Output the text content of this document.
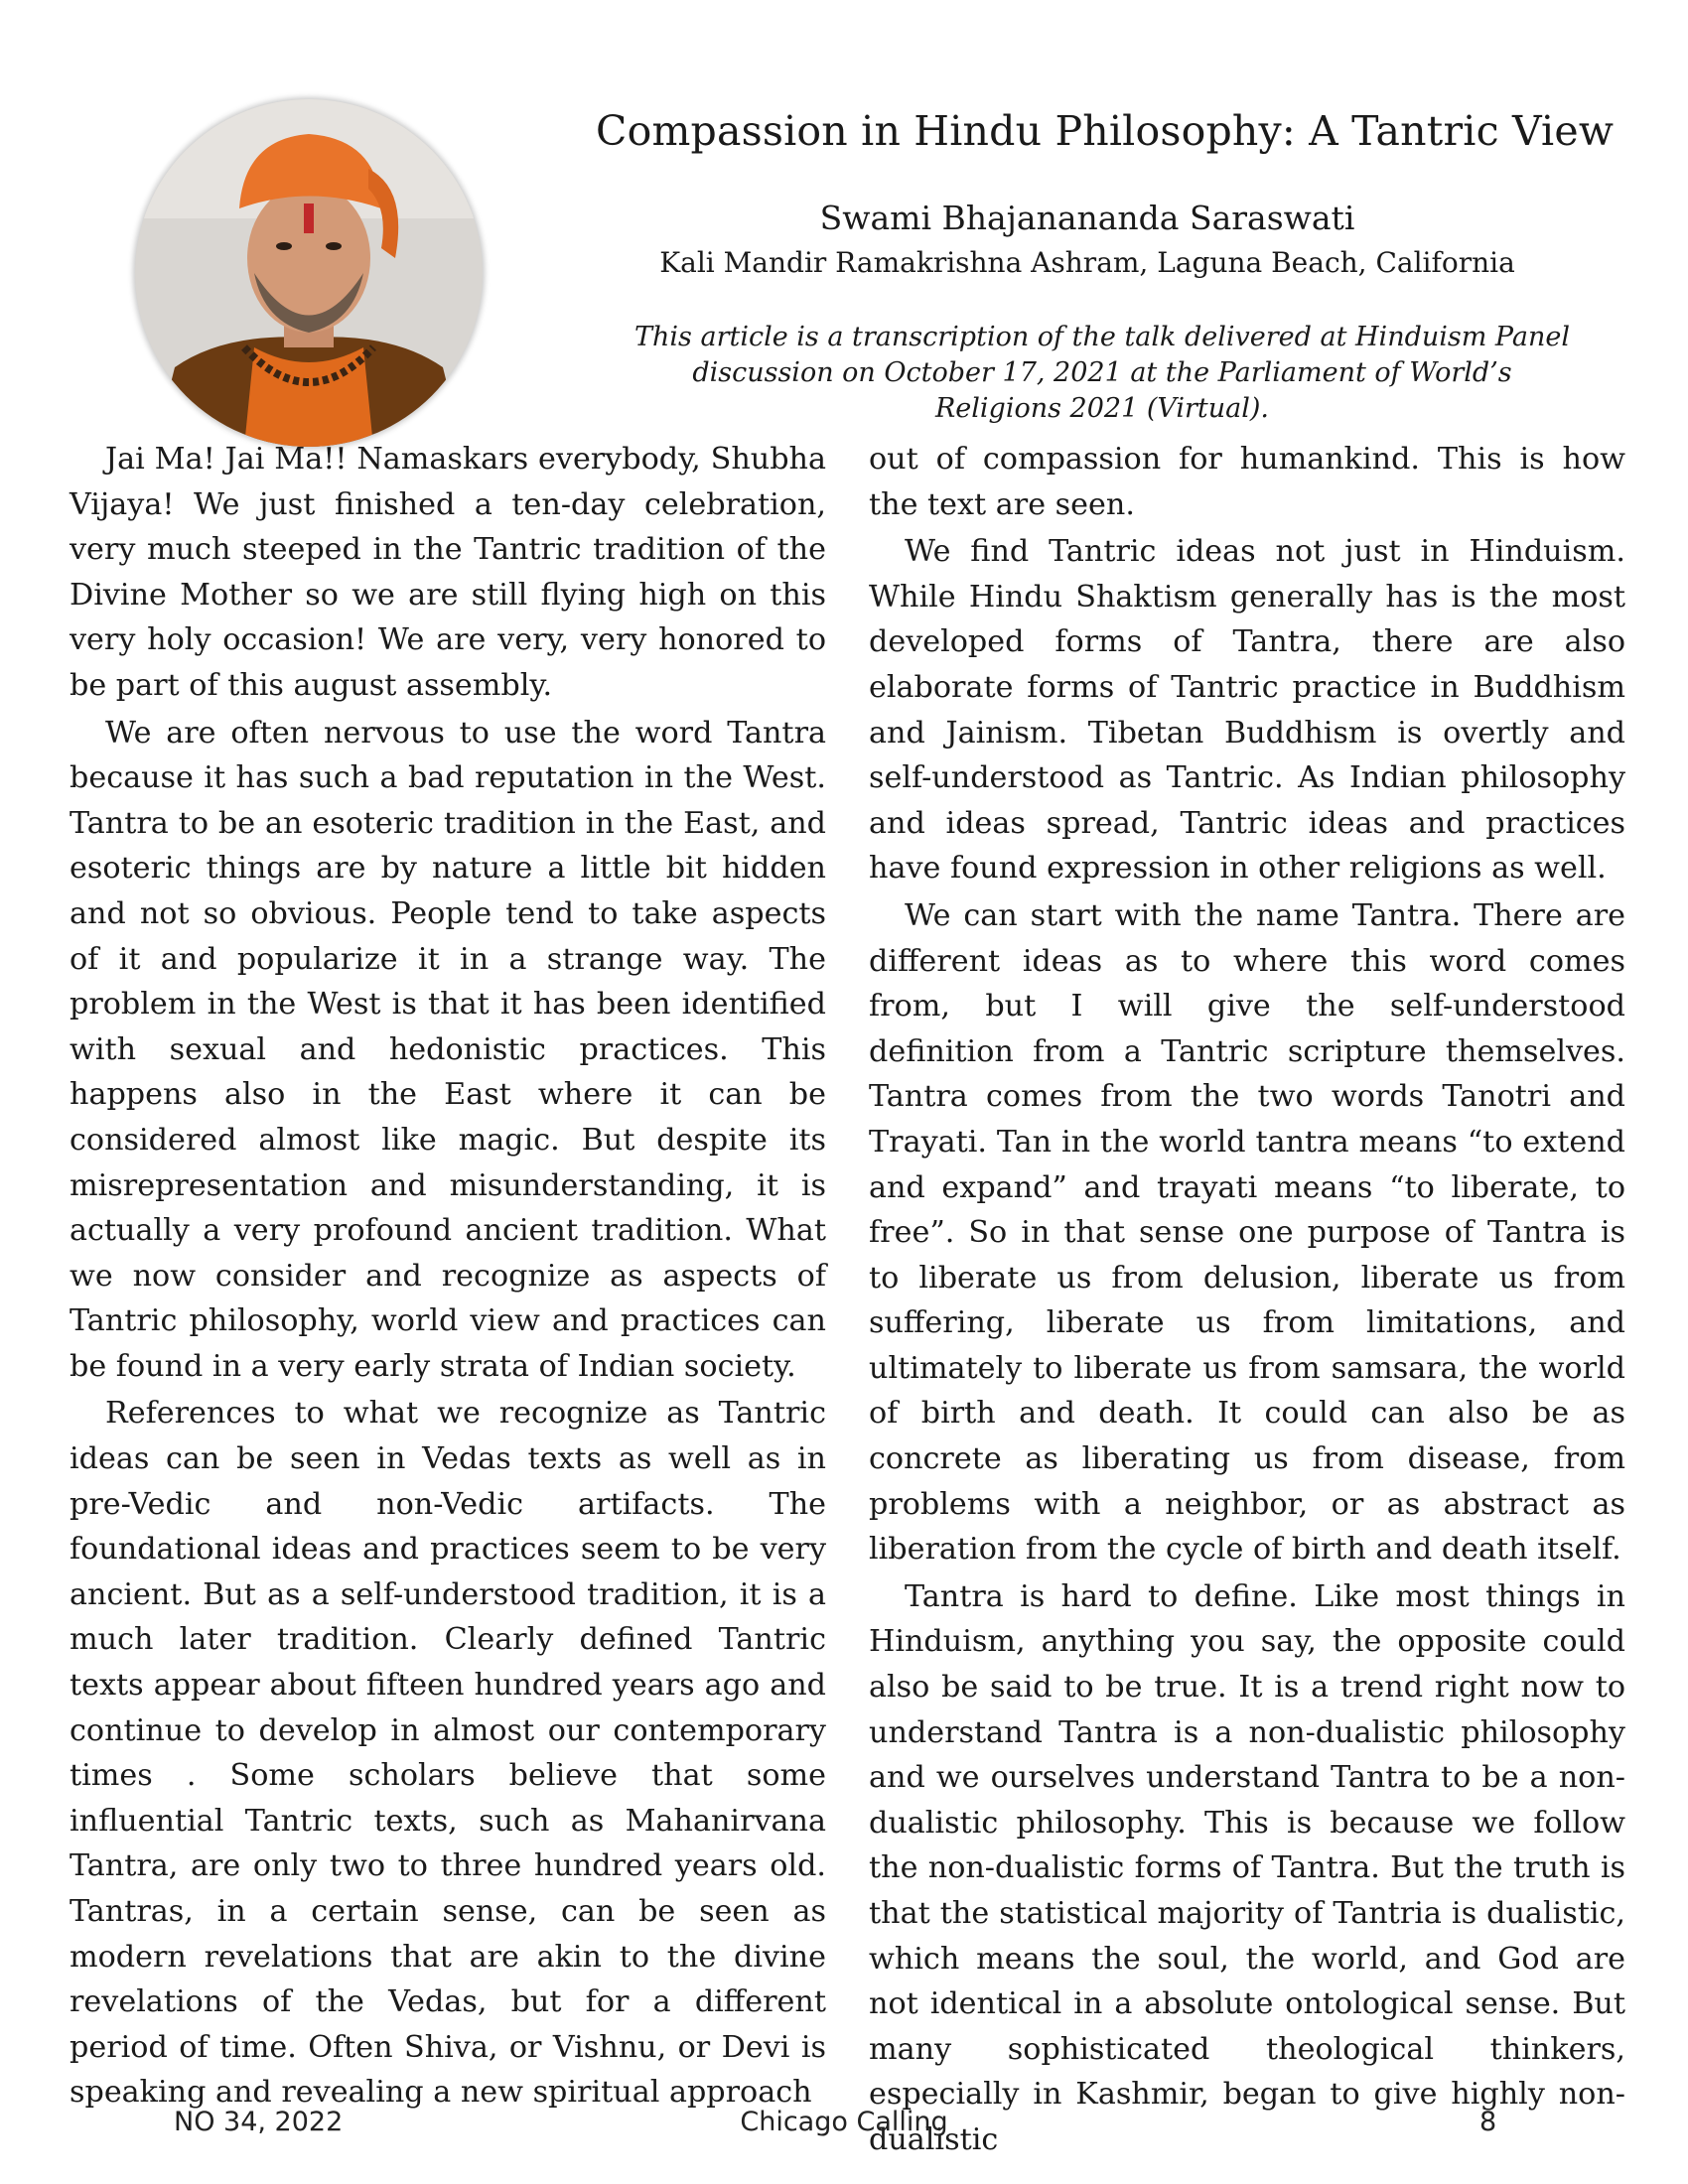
Compassion in Hindu Philosophy: A Tantric View
Swami Bhajanananda Saraswati
Kali Mandir Ramakrishna Ashram, Laguna Beach, California
This article is a transcription of the talk delivered at Hinduism Panel discussion on October 17, 2021 at the Parliament of World’s Religions 2021 (Virtual).

Jai Ma! Jai Ma!! Namaskars everybody, Shubha Vijaya! We just finished a ten-day celebration, very much steeped in the Tantric tradition of the Divine Mother so we are still flying high on this very holy occasion! We are very, very honored to be part of this august assembly.

We are often nervous to use the word Tantra because it has such a bad reputation in the West. Tantra to be an esoteric tradition in the East, and esoteric things are by nature a little bit hidden and not so obvious. People tend to take aspects of it and popularize it in a strange way. The problem in the West is that it has been identified with sexual and hedonistic practices. This happens also in the East where it can be considered almost like magic. But despite its misrepresentation and misunderstanding, it is actually a very profound ancient tradition. What we now consider and recognize as aspects of Tantric philosophy, world view and practices can be found in a very early strata of Indian society.

References to what we recognize as Tantric ideas can be seen in Vedas texts as well as in pre-Vedic and non-Vedic artifacts. The foundational ideas and practices seem to be very ancient. But as a self-understood tradition, it is a much later tradition. Clearly defined Tantric texts appear about fifteen hundred years ago and continue to develop in almost our contemporary times . Some scholars believe that some influential Tantric texts, such as Mahanirvana Tantra, are only two to three hundred years old. Tantras, in a certain sense, can be seen as modern revelations that are akin to the divine revelations of the Vedas, but for a different period of time. Often Shiva, or Vishnu, or Devi is speaking and revealing a new spiritual approach

out of compassion for humankind. This is how the text are seen.

We find Tantric ideas not just in Hinduism. While Hindu Shaktism generally has is the most developed forms of Tantra, there are also elaborate forms of Tantric practice in Buddhism and Jainism. Tibetan Buddhism is overtly and self-understood as Tantric. As Indian philosophy and ideas spread, Tantric ideas and practices have found expression in other religions as well.

We can start with the name Tantra. There are different ideas as to where this word comes from, but I will give the self-understood definition from a Tantric scripture themselves. Tantra comes from the two words Tanotri and Trayati. Tan in the world tantra means “to extend and expand” and trayati means “to liberate, to free”. So in that sense one purpose of Tantra is to liberate us from delusion, liberate us from suffering, liberate us from limitations, and ultimately to liberate us from samsara, the world of birth and death. It could can also be as concrete as liberating us from disease, from problems with a neighbor, or as abstract as liberation from the cycle of birth and death itself.

Tantra is hard to define. Like most things in Hinduism, anything you say, the opposite could also be said to be true. It is a trend right now to understand Tantra is a non-dualistic philosophy and we ourselves understand Tantra to be a non-dualistic philosophy. This is because we follow the non-dualistic forms of Tantra. But the truth is that the statistical majority of Tantria is dualistic, which means the soul, the world, and God are not identical in a absolute ontological sense. But many sophisticated theological thinkers, especially in Kashmir, began to give highly non-dualistic

NO 34, 2022	Chicago Calling	8
